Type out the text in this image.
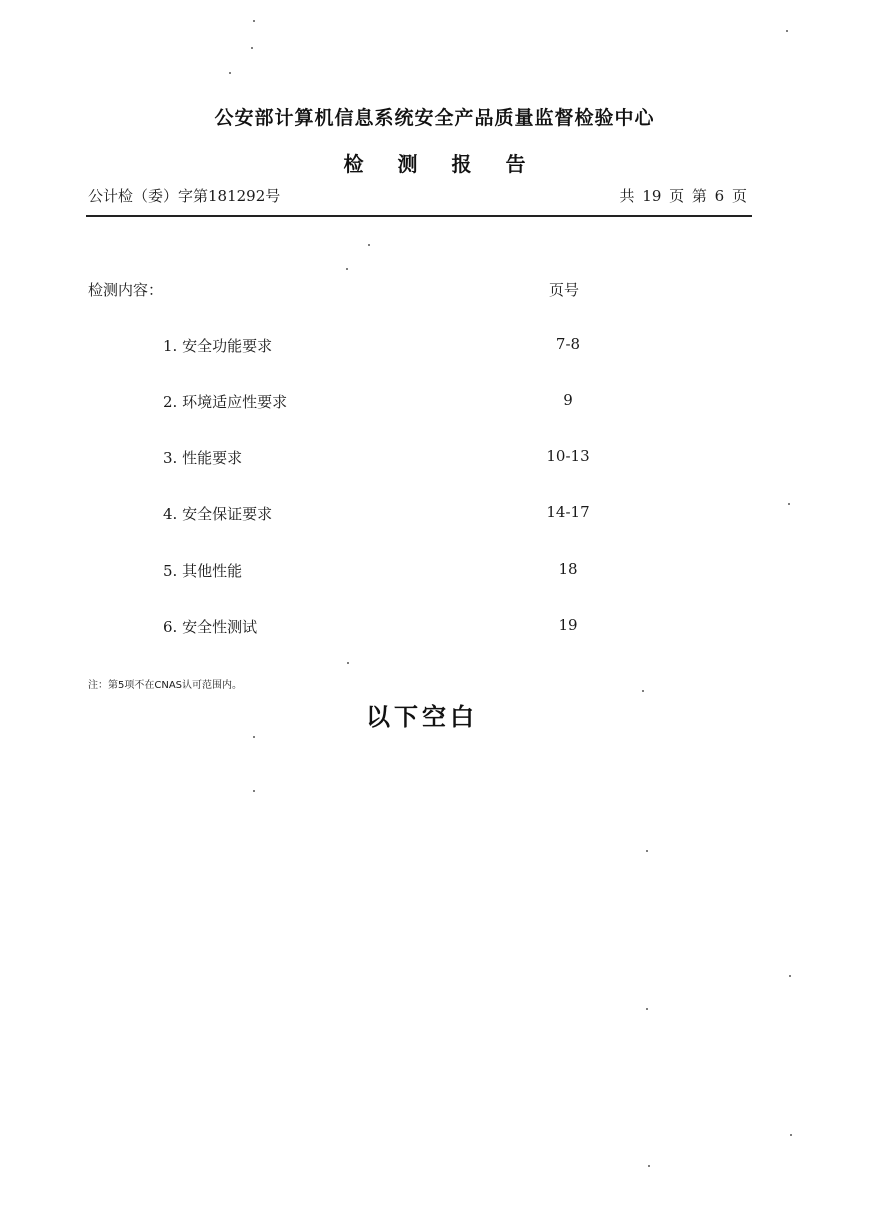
公安部计算机信息系统安全产品质量监督检验中心
检 测 报 告
公计检（委）字第181292号	共 19 页 第 6 页
检测内容：	页号
1. 安全功能要求	7-8
2. 环境适应性要求	9
3. 性能要求	10-13
4. 安全保证要求	14-17
5. 其他性能	18
6. 安全性测试	19
注：第5项不在CNAS认可范围内。
以下空白
